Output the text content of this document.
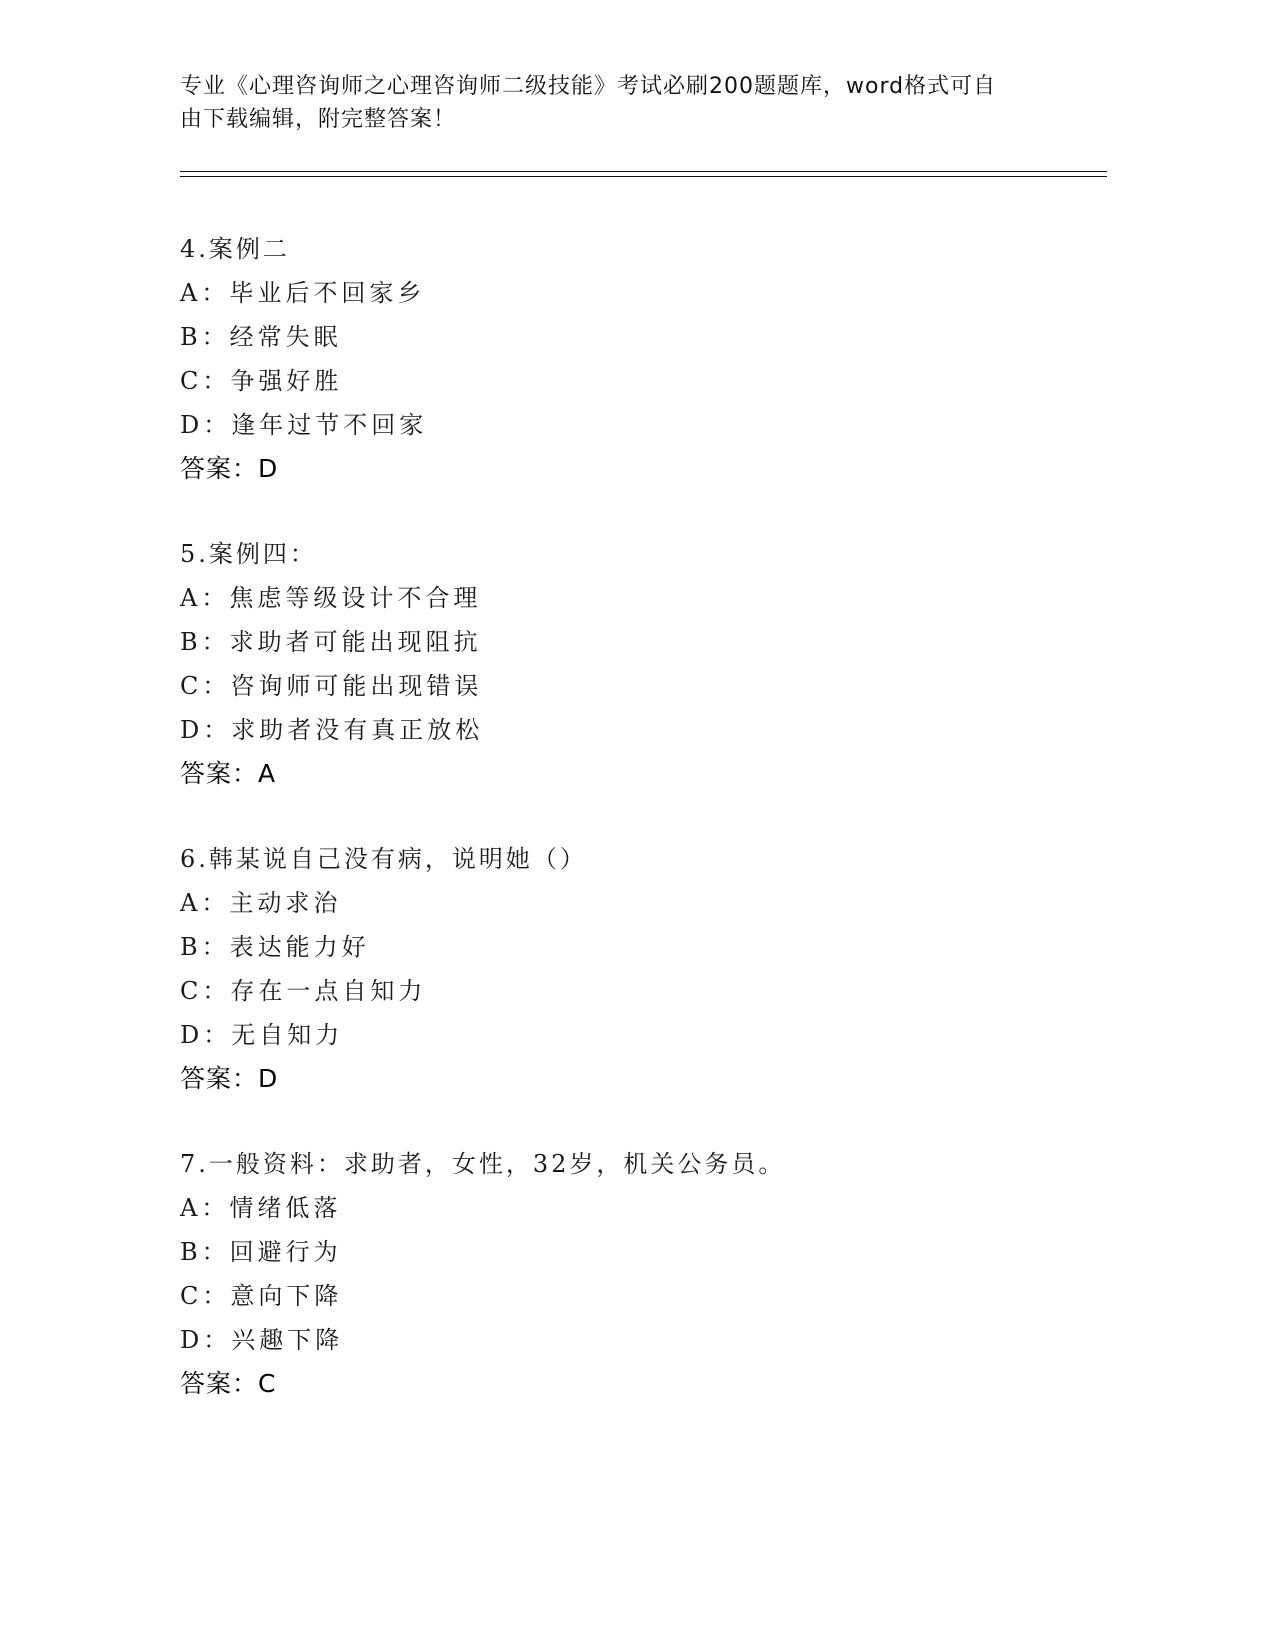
专业《心理咨询师之心理咨询师二级技能》考试必刷200题题库，word格式可自
由下载编辑，附完整答案！
4.案例二
A：毕业后不回家乡
B：经常失眠
C：争强好胜
D：逢年过节不回家
答案：D
5.案例四：
A：焦虑等级设计不合理
B：求助者可能出现阻抗
C：咨询师可能出现错误
D：求助者没有真正放松
答案：A
6.韩某说自己没有病，说明她（）
A：主动求治
B：表达能力好
C：存在一点自知力
D：无自知力
答案：D
7.一般资料：求助者，女性，32岁，机关公务员。
A：情绪低落
B：回避行为
C：意向下降
D：兴趣下降
答案：C
